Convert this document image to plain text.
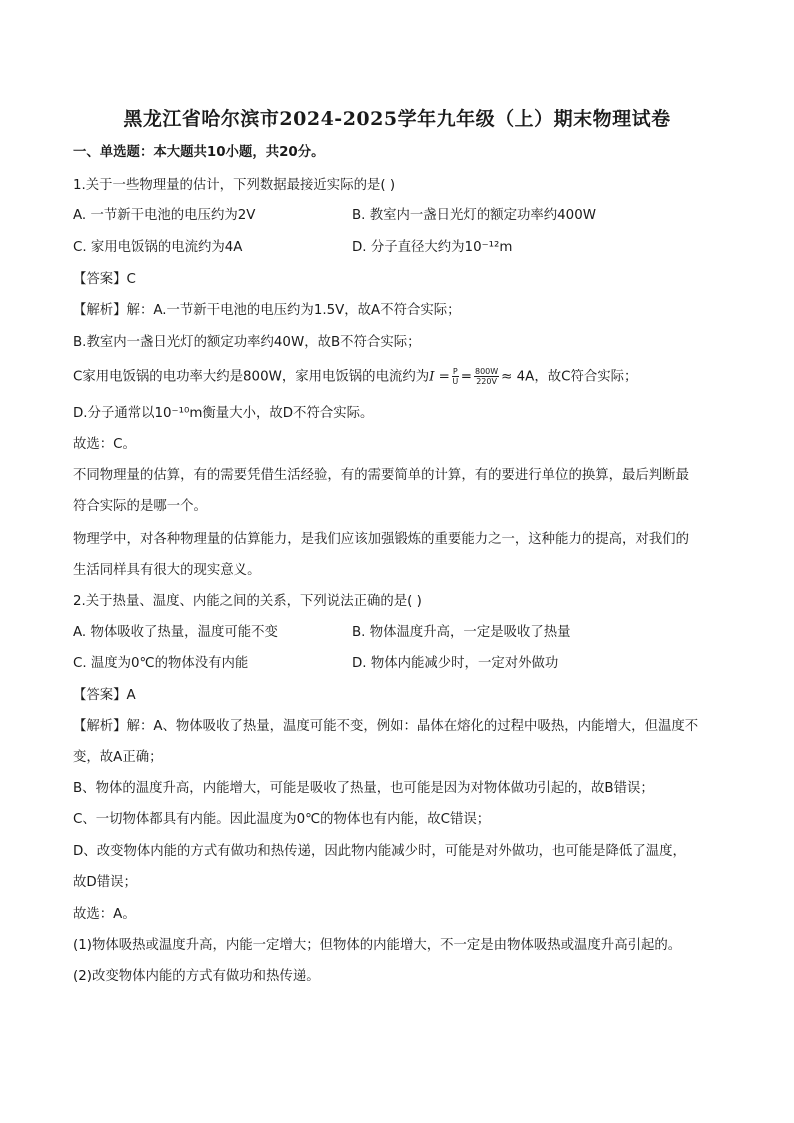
黑龙江省哈尔滨市2024-2025学年九年级（上）期末物理试卷
一、单选题：本大题共10小题，共20分。
1.关于一些物理量的估计，下列数据最接近实际的是( )
A. 一节新干电池的电压约为2V	B. 教室内一盏日光灯的额定功率约400W
C. 家用电饭锅的电流约为4A	D. 分子直径大约为10⁻¹²m
【答案】C
【解析】解：A.一节新干电池的电压约为1.5V，故A不符合实际；
B.教室内一盏日光灯的额定功率约40W，故B不符合实际；
C家用电饭锅的电功率大约是800W，家用电饭锅的电流约为$I = \frac{P}{U} = \frac{800W}{220V} \approx 4A$，故C符合实际；
D.分子通常以10⁻¹⁰m衡量大小，故D不符合实际。
故选：C。
不同物理量的估算，有的需要凭借生活经验，有的需要简单的计算，有的要进行单位的换算，最后判断最
符合实际的是哪一个。
物理学中，对各种物理量的估算能力，是我们应该加强锻炼的重要能力之一，这种能力的提高，对我们的
生活同样具有很大的现实意义。
2.关于热量、温度、内能之间的关系，下列说法正确的是( )
A. 物体吸收了热量，温度可能不变	B. 物体温度升高，一定是吸收了热量
C. 温度为0℃的物体没有内能	D. 物体内能减少时，一定对外做功
【答案】A
【解析】解：A、物体吸收了热量，温度可能不变，例如：晶体在熔化的过程中吸热，内能增大，但温度不
变，故A正确；
B、物体的温度升高，内能增大，可能是吸收了热量，也可能是因为对物体做功引起的，故B错误；
C、一切物体都具有内能。因此温度为0℃的物体也有内能，故C错误；
D、改变物体内能的方式有做功和热传递，因此物内能减少时，可能是对外做功，也可能是降低了温度，
故D错误；
故选：A。
(1)物体吸热或温度升高，内能一定增大；但物体的内能增大，不一定是由物体吸热或温度升高引起的。
(2)改变物体内能的方式有做功和热传递。
